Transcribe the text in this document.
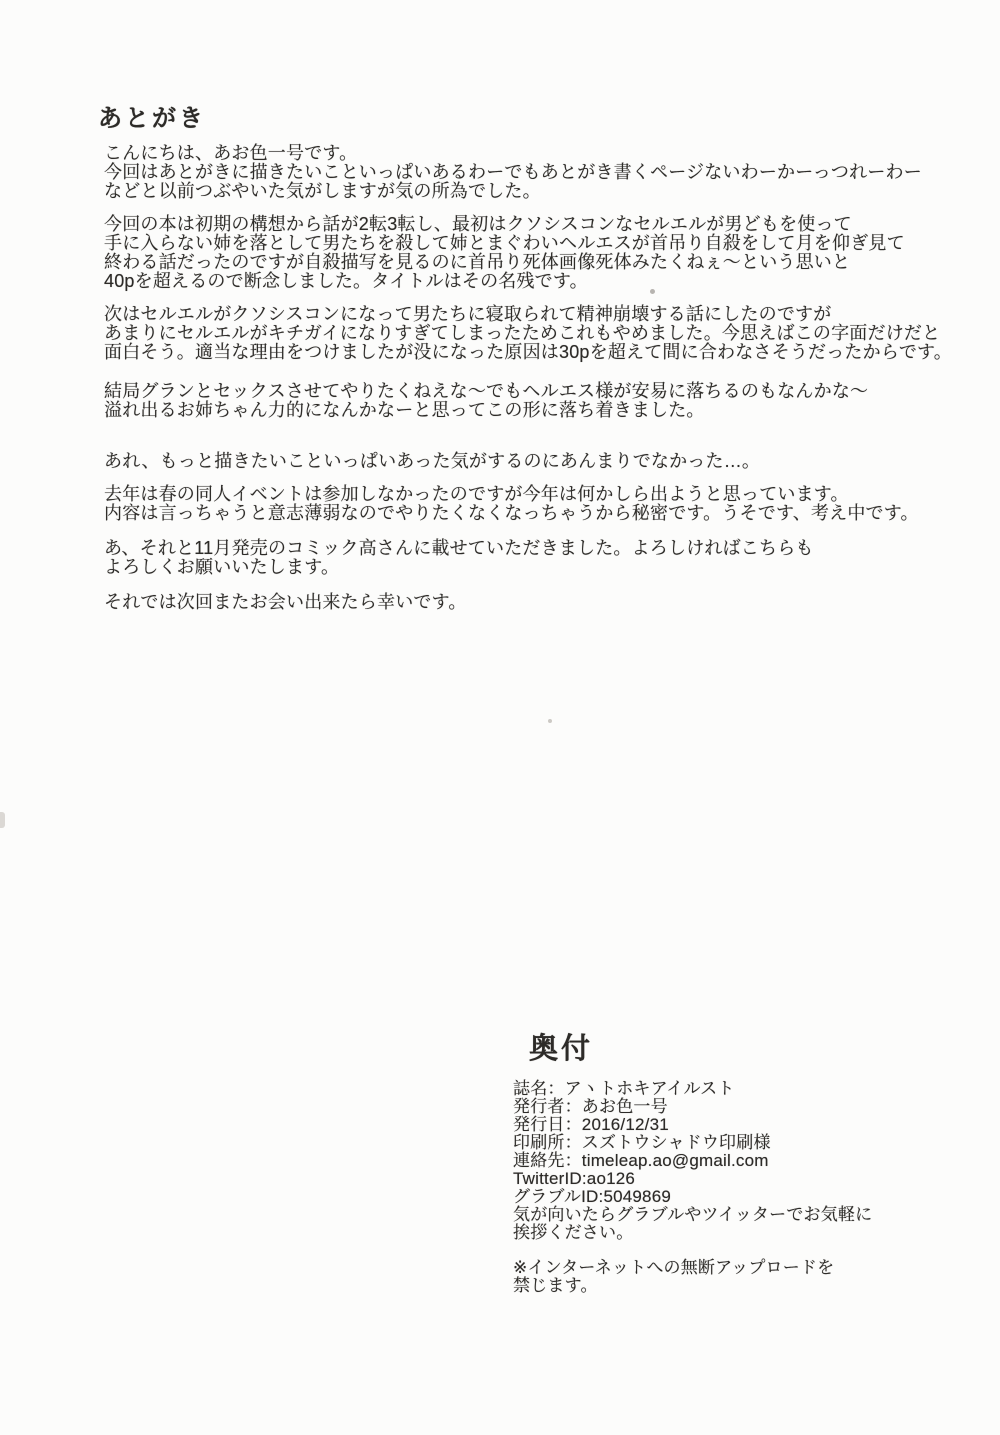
あとがき
こんにちは、あお色一号です。
今回はあとがきに描きたいこといっぱいあるわーでもあとがき書くページないわーかーっつれーわー
などと以前つぶやいた気がしますが気の所為でした。
今回の本は初期の構想から話が2転3転し、最初はクソシスコンなセルエルが男どもを使って
手に入らない姉を落として男たちを殺して姉とまぐわいヘルエスが首吊り自殺をして月を仰ぎ見て
終わる話だったのですが自殺描写を見るのに首吊り死体画像死体みたくねぇ〜という思いと
40pを超えるので断念しました。タイトルはその名残です。
次はセルエルがクソシスコンになって男たちに寝取られて精神崩壊する話にしたのですが
あまりにセルエルがキチガイになりすぎてしまったためこれもやめました。今思えばこの字面だけだと
面白そう。適当な理由をつけましたが没になった原因は30pを超えて間に合わなさそうだったからです。
結局グランとセックスさせてやりたくねえな〜でもヘルエス様が安易に落ちるのもなんかな〜
溢れ出るお姉ちゃん力的になんかなーと思ってこの形に落ち着きました。
あれ、もっと描きたいこといっぱいあった気がするのにあんまりでなかった…。
去年は春の同人イベントは参加しなかったのですが今年は何かしら出ようと思っています。
内容は言っちゃうと意志薄弱なのでやりたくなくなっちゃうから秘密です。うそです、考え中です。
あ、それと11月発売のコミック高さんに載せていただきました。よろしければこちらも
よろしくお願いいたします。
それでは次回またお会い出来たら幸いです。
奥付
誌名：アヽトホキアイルスト
発行者：あお色一号
発行日：2016/12/31
印刷所：スズトウシャドウ印刷様
連絡先：timeleap.ao@gmail.com
TwitterID:ao126
グラブルID:5049869
気が向いたらグラブルやツイッターでお気軽に
挨拶ください。
※インターネットへの無断アップロードを
禁じます。
